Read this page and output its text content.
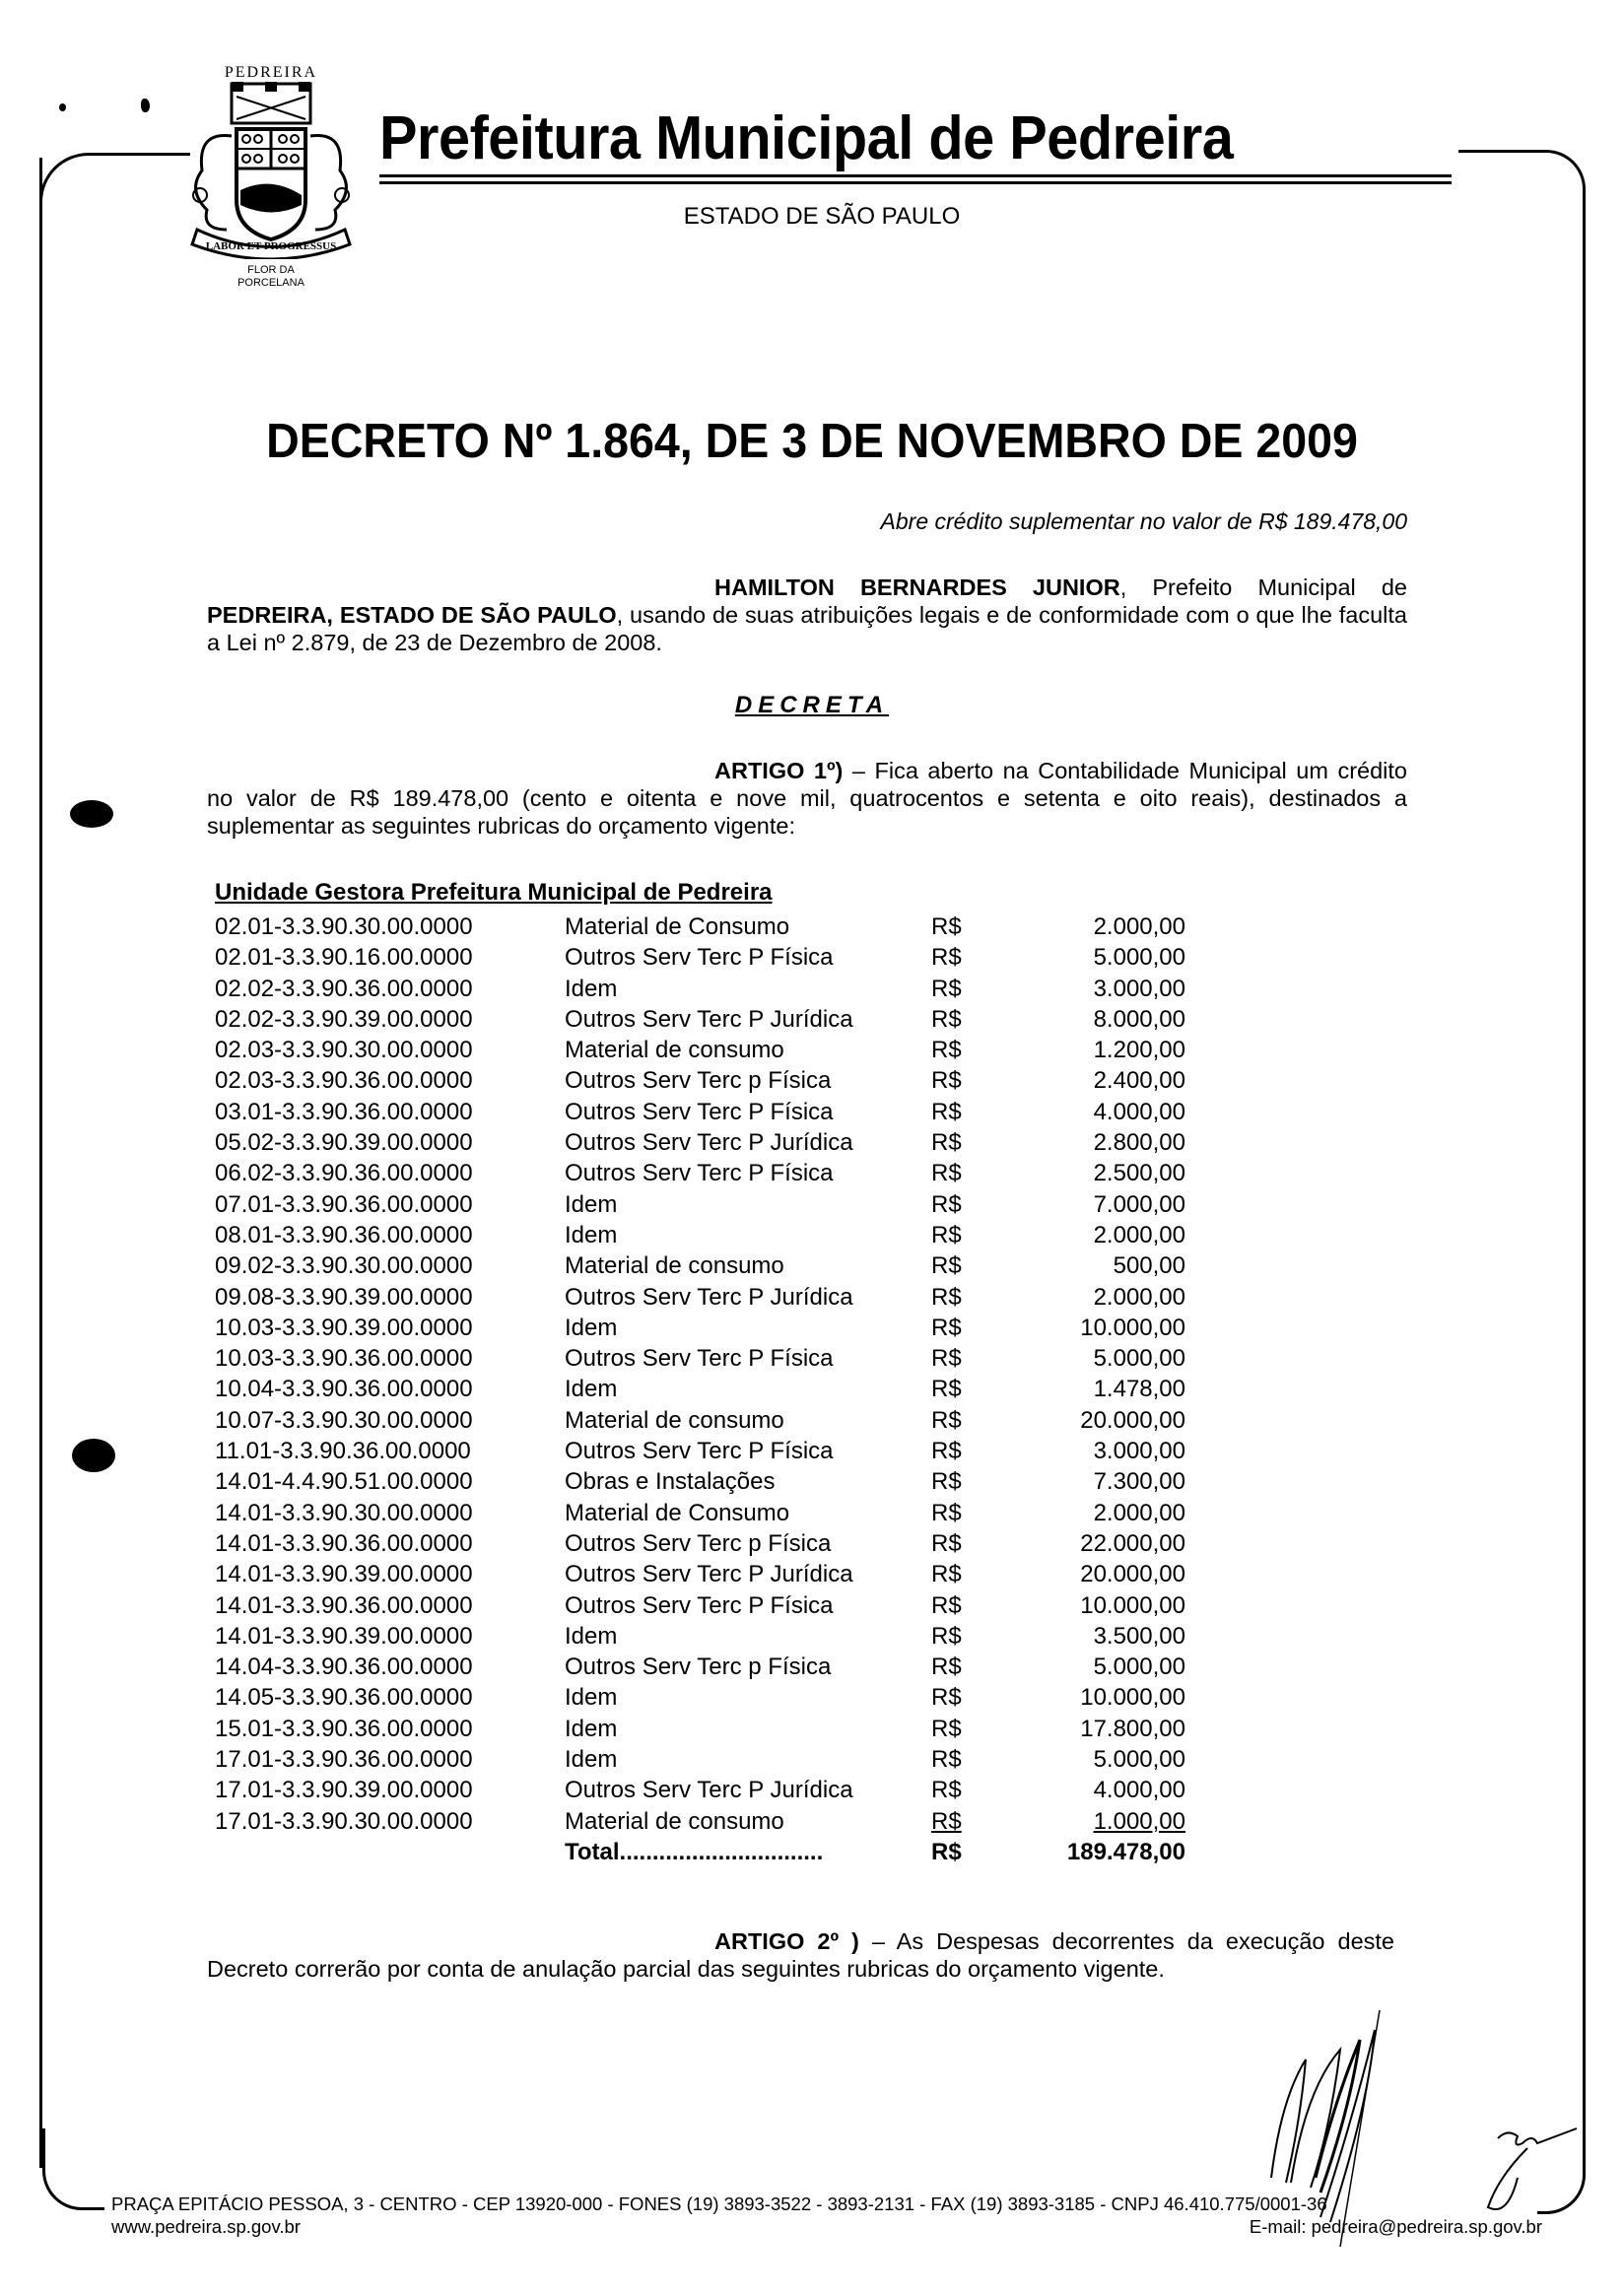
PEDREIRA
LABOR ET PROGRESSUS
FLOR DA
PORCELANA
Prefeitura Municipal de Pedreira
ESTADO DE SÃO PAULO
DECRETO Nº 1.864, DE 3 DE NOVEMBRO DE 2009
Abre crédito suplementar no valor de R$ 189.478,00
HAMILTON BERNARDES JUNIOR, Prefeito Municipal de PEDREIRA, ESTADO DE SÃO PAULO, usando de suas atribuições legais e de conformidade com o que lhe faculta a Lei nº 2.879, de 23 de Dezembro de 2008.
DECRETA
ARTIGO 1º) – Fica aberto na Contabilidade Municipal um crédito no valor de R$ 189.478,00 (cento e oitenta e nove mil, quatrocentos e setenta e oito reais), destinados a suplementar as seguintes rubricas do orçamento vigente:
Unidade Gestora Prefeitura Municipal de Pedreira
02.01-3.3.90.30.00.0000	Material de Consumo	R$	2.000,00
02.01-3.3.90.16.00.0000	Outros Serv Terc P Física	R$	5.000,00
02.02-3.3.90.36.00.0000	Idem	R$	3.000,00
02.02-3.3.90.39.00.0000	Outros Serv Terc P Jurídica	R$	8.000,00
02.03-3.3.90.30.00.0000	Material de consumo	R$	1.200,00
02.03-3.3.90.36.00.0000	Outros Serv Terc p Física	R$	2.400,00
03.01-3.3.90.36.00.0000	Outros Serv Terc P Física	R$	4.000,00
05.02-3.3.90.39.00.0000	Outros Serv Terc P Jurídica	R$	2.800,00
06.02-3.3.90.36.00.0000	Outros Serv Terc P Física	R$	2.500,00
07.01-3.3.90.36.00.0000	Idem	R$	7.000,00
08.01-3.3.90.36.00.0000	Idem	R$	2.000,00
09.02-3.3.90.30.00.0000	Material de consumo	R$	500,00
09.08-3.3.90.39.00.0000	Outros Serv Terc P Jurídica	R$	2.000,00
10.03-3.3.90.39.00.0000	Idem	R$	10.000,00
10.03-3.3.90.36.00.0000	Outros Serv Terc P Física	R$	5.000,00
10.04-3.3.90.36.00.0000	Idem	R$	1.478,00
10.07-3.3.90.30.00.0000	Material de consumo	R$	20.000,00
11.01-3.3.90.36.00.0000	Outros Serv Terc P Física	R$	3.000,00
14.01-4.4.90.51.00.0000	Obras e Instalações	R$	7.300,00
14.01-3.3.90.30.00.0000	Material de Consumo	R$	2.000,00
14.01-3.3.90.36.00.0000	Outros Serv Terc p Física	R$	22.000,00
14.01-3.3.90.39.00.0000	Outros Serv Terc P Jurídica	R$	20.000,00
14.01-3.3.90.36.00.0000	Outros Serv Terc P Física	R$	10.000,00
14.01-3.3.90.39.00.0000	Idem	R$	3.500,00
14.04-3.3.90.36.00.0000	Outros Serv Terc p Física	R$	5.000,00
14.05-3.3.90.36.00.0000	Idem	R$	10.000,00
15.01-3.3.90.36.00.0000	Idem	R$	17.800,00
17.01-3.3.90.36.00.0000	Idem	R$	5.000,00
17.01-3.3.90.39.00.0000	Outros Serv Terc P Jurídica	R$	4.000,00
17.01-3.3.90.30.00.0000	Material de consumo	R$	1.000,00
Total...............................	R$	189.478,00
ARTIGO 2º ) – As Despesas decorrentes da execução deste Decreto correrão por conta de anulação parcial das seguintes rubricas do orçamento vigente.
PRAÇA EPITÁCIO PESSOA, 3 - CENTRO - CEP 13920-000 - FONES (19) 3893-3522 - 3893-2131 - FAX (19) 3893-3185 - CNPJ 46.410.775/0001-36
www.pedreira.sp.gov.br	E-mail: pedreira@pedreira.sp.gov.br
